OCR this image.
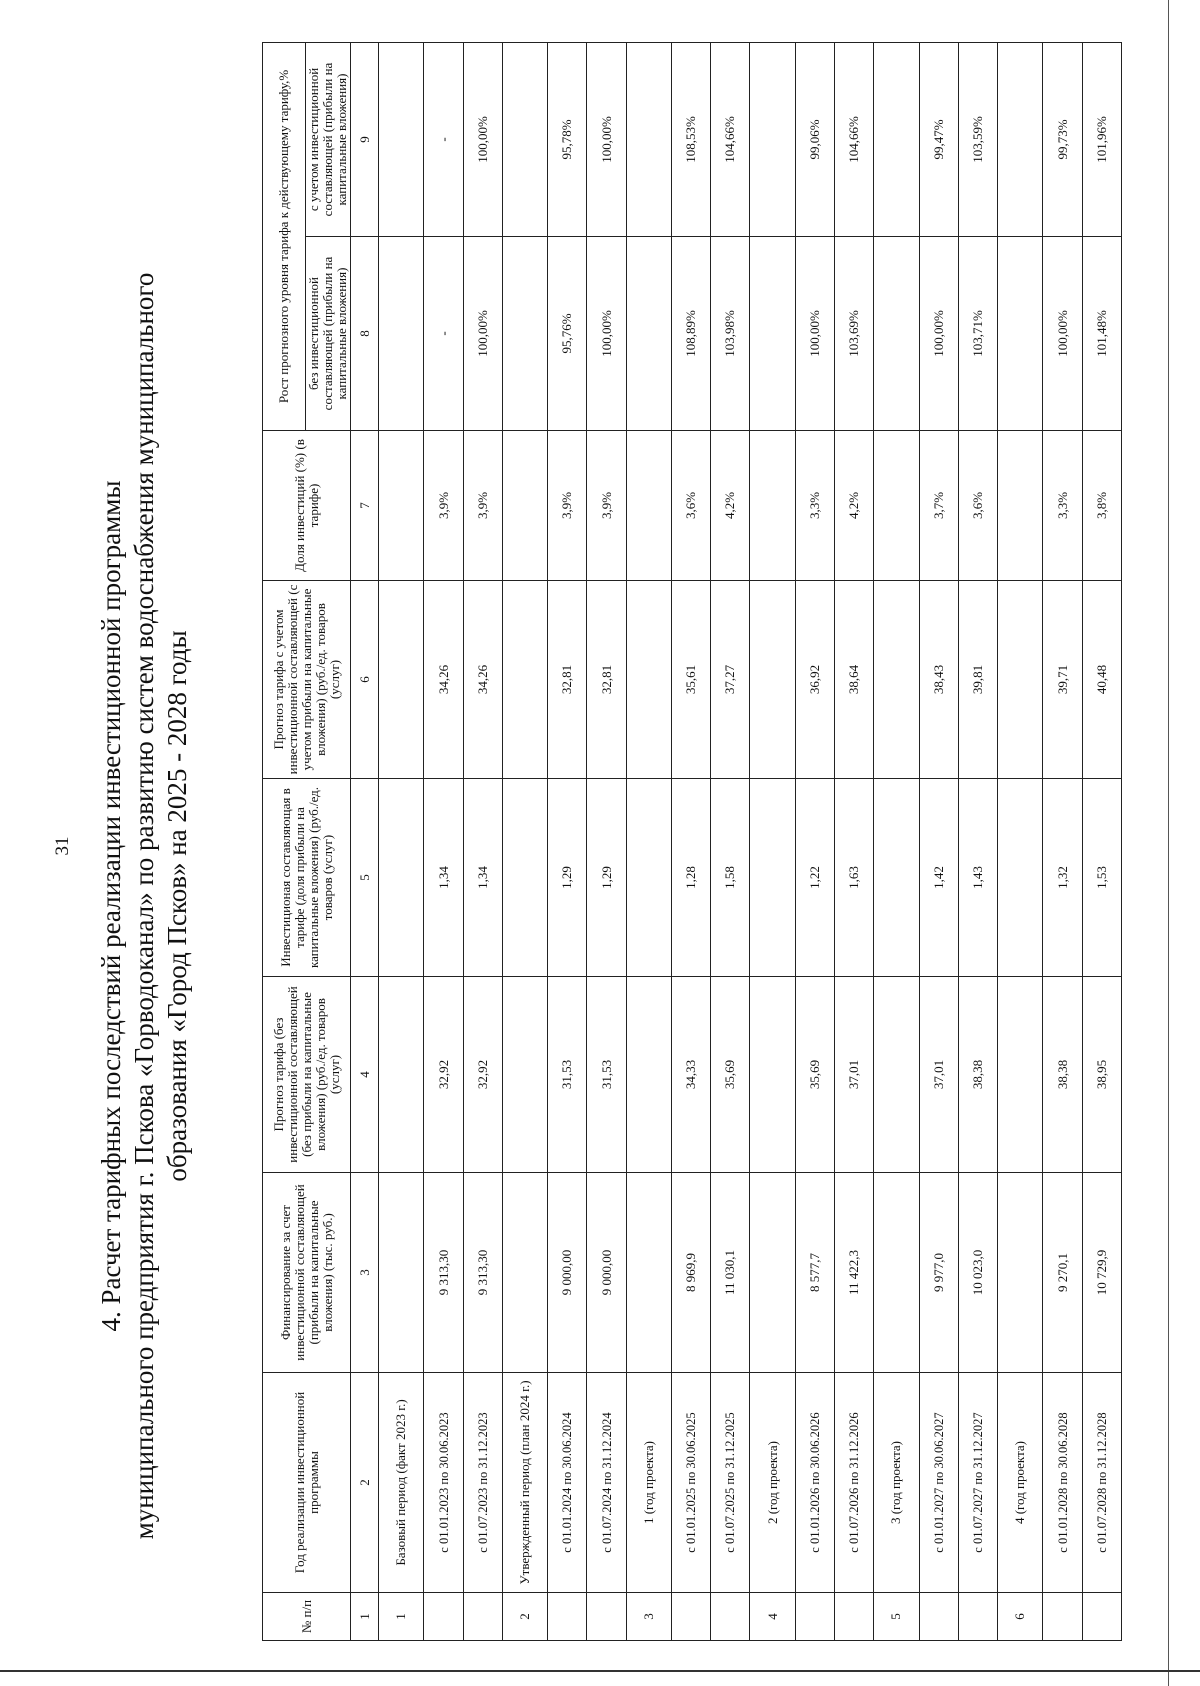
31 4. Расчет тарифных последствий реализации инвестиционной программы муниципального предприятия г. Пскова «Горводоканал» по развитию систем водоснабжения муниципального образования «Город Псков» на 2025 - 2028 годы
№ п/п	Год реализации инвестиционной программы	Финансирование за счет инвестиционной составляющей (прибыли на капитальные вложения) (тыс. руб.)	Прогноз тарифа (без инвестиционной составляющей (без прибыли на капитальные вложения) (руб./ед. товаров (услуг)	Инвестиционая составляющая в тарифе (доля прибыли на капитальные вложения) (руб./ед. товаров (услуг)	Прогноз тарифа с учетом инвестиционной составляющей (с учетом прибыли на капитальные вложения) (руб./ед. товаров (услуг)	Доля инвестиций (%) (в тарифе)	Рост прогнозного уровня тарифа к действующему тарифу,%	
							без инвестиционной составляющей (прибыли на капитальные вложения)	с учетом инвестиционной составляющей (прибыли на капитальные вложения)
1	2	3	4	5	6	7	8	9
1	Базовый период (факт 2023 г.)							
	с 01.01.2023 по 30.06.2023	9 313,30	32,92	1,34	34,26	3,9%	-	-
	с 01.07.2023 по 31.12.2023	9 313,30	32,92	1,34	34,26	3,9%	100,00%	100,00%
2	Утвержденный период (план 2024 г.)							
	с 01.01.2024 по 30.06.2024	9 000,00	31,53	1,29	32,81	3,9%	95,76%	95,78%
	с 01.07.2024 по 31.12.2024	9 000,00	31,53	1,29	32,81	3,9%	100,00%	100,00%
3	1 (год проекта)							
	с 01.01.2025 по 30.06.2025	8 969,9	34,33	1,28	35,61	3,6%	108,89%	108,53%
	с 01.07.2025 по 31.12.2025	11 030,1	35,69	1,58	37,27	4,2%	103,98%	104,66%
4	2 (год проекта)							
	с 01.01.2026 по 30.06.2026	8 577,7	35,69	1,22	36,92	3,3%	100,00%	99,06%
	с 01.07.2026 по 31.12.2026	11 422,3	37,01	1,63	38,64	4,2%	103,69%	104,66%
5	3 (год проекта)							
	с 01.01.2027 по 30.06.2027	9 977,0	37,01	1,42	38,43	3,7%	100,00%	99,47%
	с 01.07.2027 по 31.12.2027	10 023,0	38,38	1,43	39,81	3,6%	103,71%	103,59%
6	4 (год проекта)							
	с 01.01.2028 по 30.06.2028	9 270,1	38,38	1,32	39,71	3,3%	100,00%	99,73%
	с 01.07.2028 по 31.12.2028	10 729,9	38,95	1,53	40,48	3,8%	101,48%	101,96%
